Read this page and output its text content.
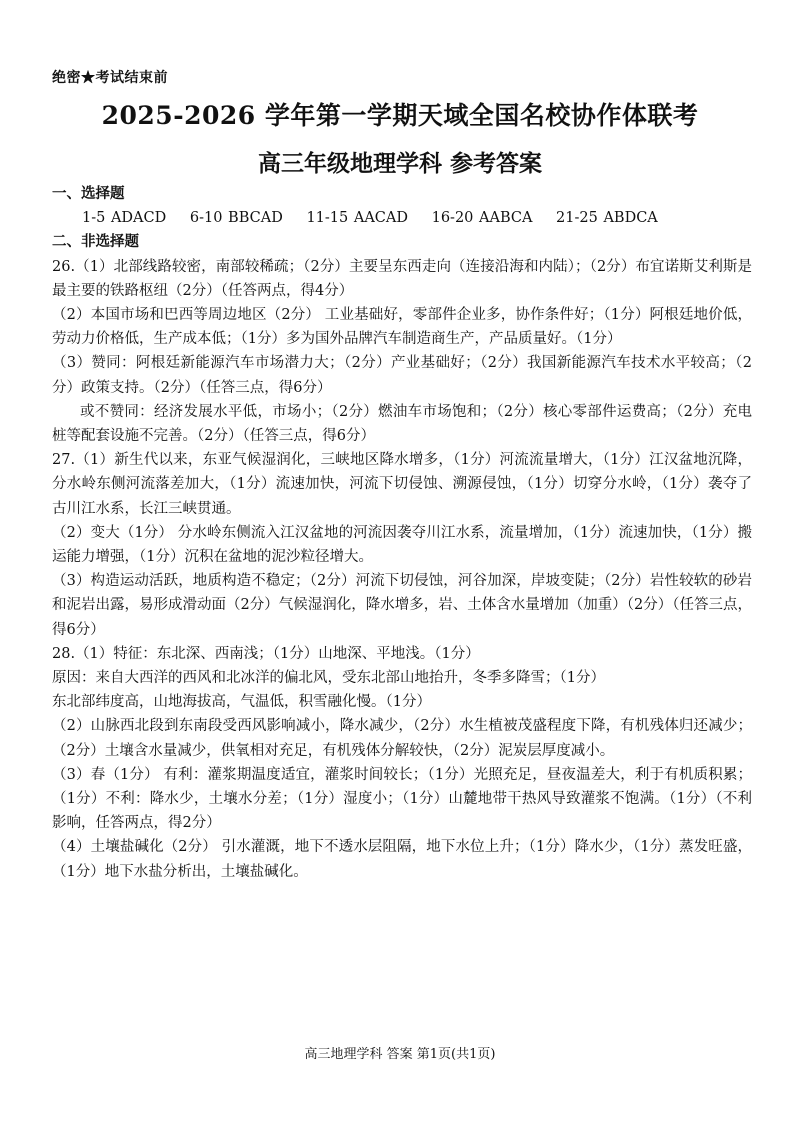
绝密★考试结束前
2025-2026 学年第一学期天域全国名校协作体联考
高三年级地理学科 参考答案
一、选择题
1-5 ADACD 6-10 BBCAD 11-15 AACAD 16-20 AABCA 21-25 ABDCA
二、非选择题
26.（1）北部线路较密，南部较稀疏；（2分）主要呈东西走向（连接沿海和内陆）；（2分）布宜诺斯艾利斯是最主要的铁路枢纽（2分）（任答两点，得4分）
（2）本国市场和巴西等周边地区（2分） 工业基础好，零部件企业多，协作条件好；（1分）阿根廷地价低，劳动力价格低，生产成本低；（1分）多为国外品牌汽车制造商生产，产品质量好。（1分）
（3）赞同：阿根廷新能源汽车市场潜力大；（2分）产业基础好；（2分）我国新能源汽车技术水平较高；（2分）政策支持。（2分）（任答三点，得6分）
或不赞同：经济发展水平低，市场小；（2分）燃油车市场饱和；（2分）核心零部件运费高；（2分）充电桩等配套设施不完善。（2分）（任答三点，得6分）
27.（1）新生代以来，东亚气候湿润化，三峡地区降水增多，（1分）河流流量增大，（1分）江汉盆地沉降，分水岭东侧河流落差加大，（1分）流速加快，河流下切侵蚀、溯源侵蚀，（1分）切穿分水岭，（1分）袭夺了古川江水系，长江三峡贯通。
（2）变大（1分） 分水岭东侧流入江汉盆地的河流因袭夺川江水系，流量增加，（1分）流速加快，（1分）搬运能力增强，（1分）沉积在盆地的泥沙粒径增大。
（3）构造运动活跃，地质构造不稳定；（2分）河流下切侵蚀，河谷加深，岸坡变陡；（2分）岩性较软的砂岩和泥岩出露，易形成滑动面（2分）气候湿润化，降水增多，岩、土体含水量增加（加重）（2分）（任答三点，得6分）
28.（1）特征：东北深、西南浅；（1分）山地深、平地浅。（1分）
原因：来自大西洋的西风和北冰洋的偏北风，受东北部山地抬升，冬季多降雪；（1分）
东北部纬度高，山地海拔高，气温低，积雪融化慢。（1分）
（2）山脉西北段到东南段受西风影响减小，降水减少，（2分）水生植被茂盛程度下降，有机残体归还减少；（2分）土壤含水量减少，供氧相对充足，有机残体分解较快，（2分）泥炭层厚度减小。
（3）春（1分） 有利：灌浆期温度适宜，灌浆时间较长；（1分）光照充足，昼夜温差大，利于有机质积累；（1分）不利：降水少，土壤水分差；（1分）湿度小；（1分）山麓地带干热风导致灌浆不饱满。（1分）（不利影响，任答两点，得2分）
（4）土壤盐碱化（2分） 引水灌溉，地下不透水层阻隔，地下水位上升；（1分）降水少，（1分）蒸发旺盛，（1分）地下水盐分析出，土壤盐碱化。
高三地理学科 答案 第1页(共1页)
